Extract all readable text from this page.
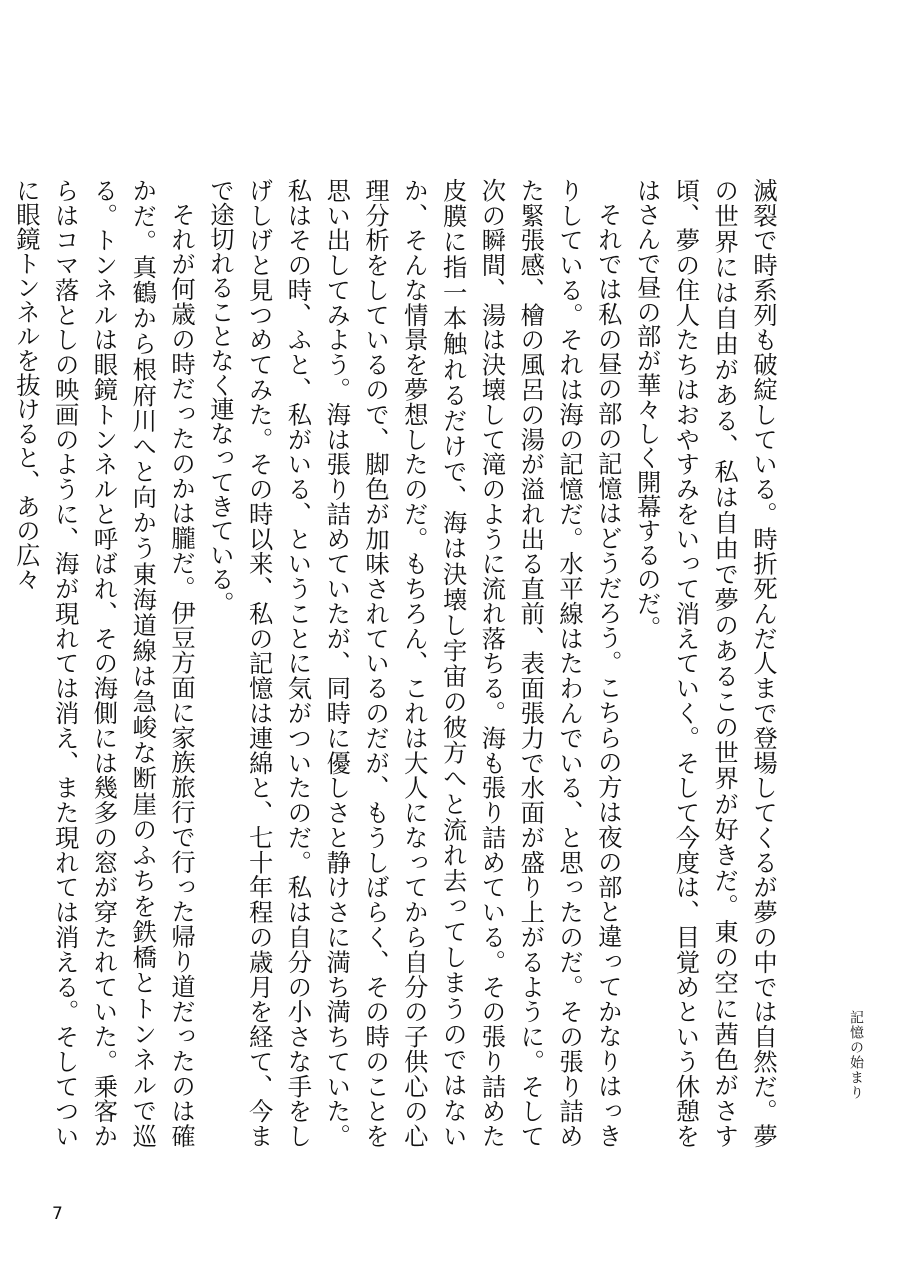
滅裂で時系列も破綻している。時折死んだ人まで登場してくるが夢の中では自然だ。夢の世界には自由がある、私は自由で夢のあるこの世界が好きだ。東の空に茜色がさす頃、夢の住人たちはおやすみをいって消えていく。そして今度は、目覚めという休憩をはさんで昼の部が華々しく開幕するのだ。

それでは私の昼の部の記憶はどうだろう。こちらの方は夜の部と違ってかなりはっきりしている。それは海の記憶だ。水平線はたわんでいる、と思ったのだ。その張り詰めた緊張感、檜の風呂の湯が溢れ出る直前、表面張力で水面が盛り上がるように。そして次の瞬間、湯は決壊して滝のように流れ落ちる。海も張り詰めている。その張り詰めた皮膜に指一本触れるだけで、海は決壊し宇宙の彼方へと流れ去ってしまうのではないか、そんな情景を夢想したのだ。もちろん、これは大人になってから自分の子供心の心理分析をしているので、脚色が加味されているのだが、もうしばらく、その時のことを思い出してみよう。海は張り詰めていたが、同時に優しさと静けさに満ち満ちていた。私はその時、ふと、私がいる、ということに気がついたのだ。私は自分の小さな手をしげしげと見つめてみた。その時以来、私の記憶は連綿と、七十年程の歳月を経て、今まで途切れることなく連なってきている。

それが何歳の時だったのかは朧だ。伊豆方面に家族旅行で行った帰り道だったのは確かだ。真鶴から根府川へと向かう東海道線は急峻な断崖のふちを鉄橋とトンネルで巡る。トンネルは眼鏡トンネルと呼ばれ、その海側には幾多の窓が穿たれていた。乗客からはコマ落としの映画のように、海が現れては消え、また現れては消える。そしてついに眼鏡トンネルを抜けると、あの広々

記憶の始まり
7
